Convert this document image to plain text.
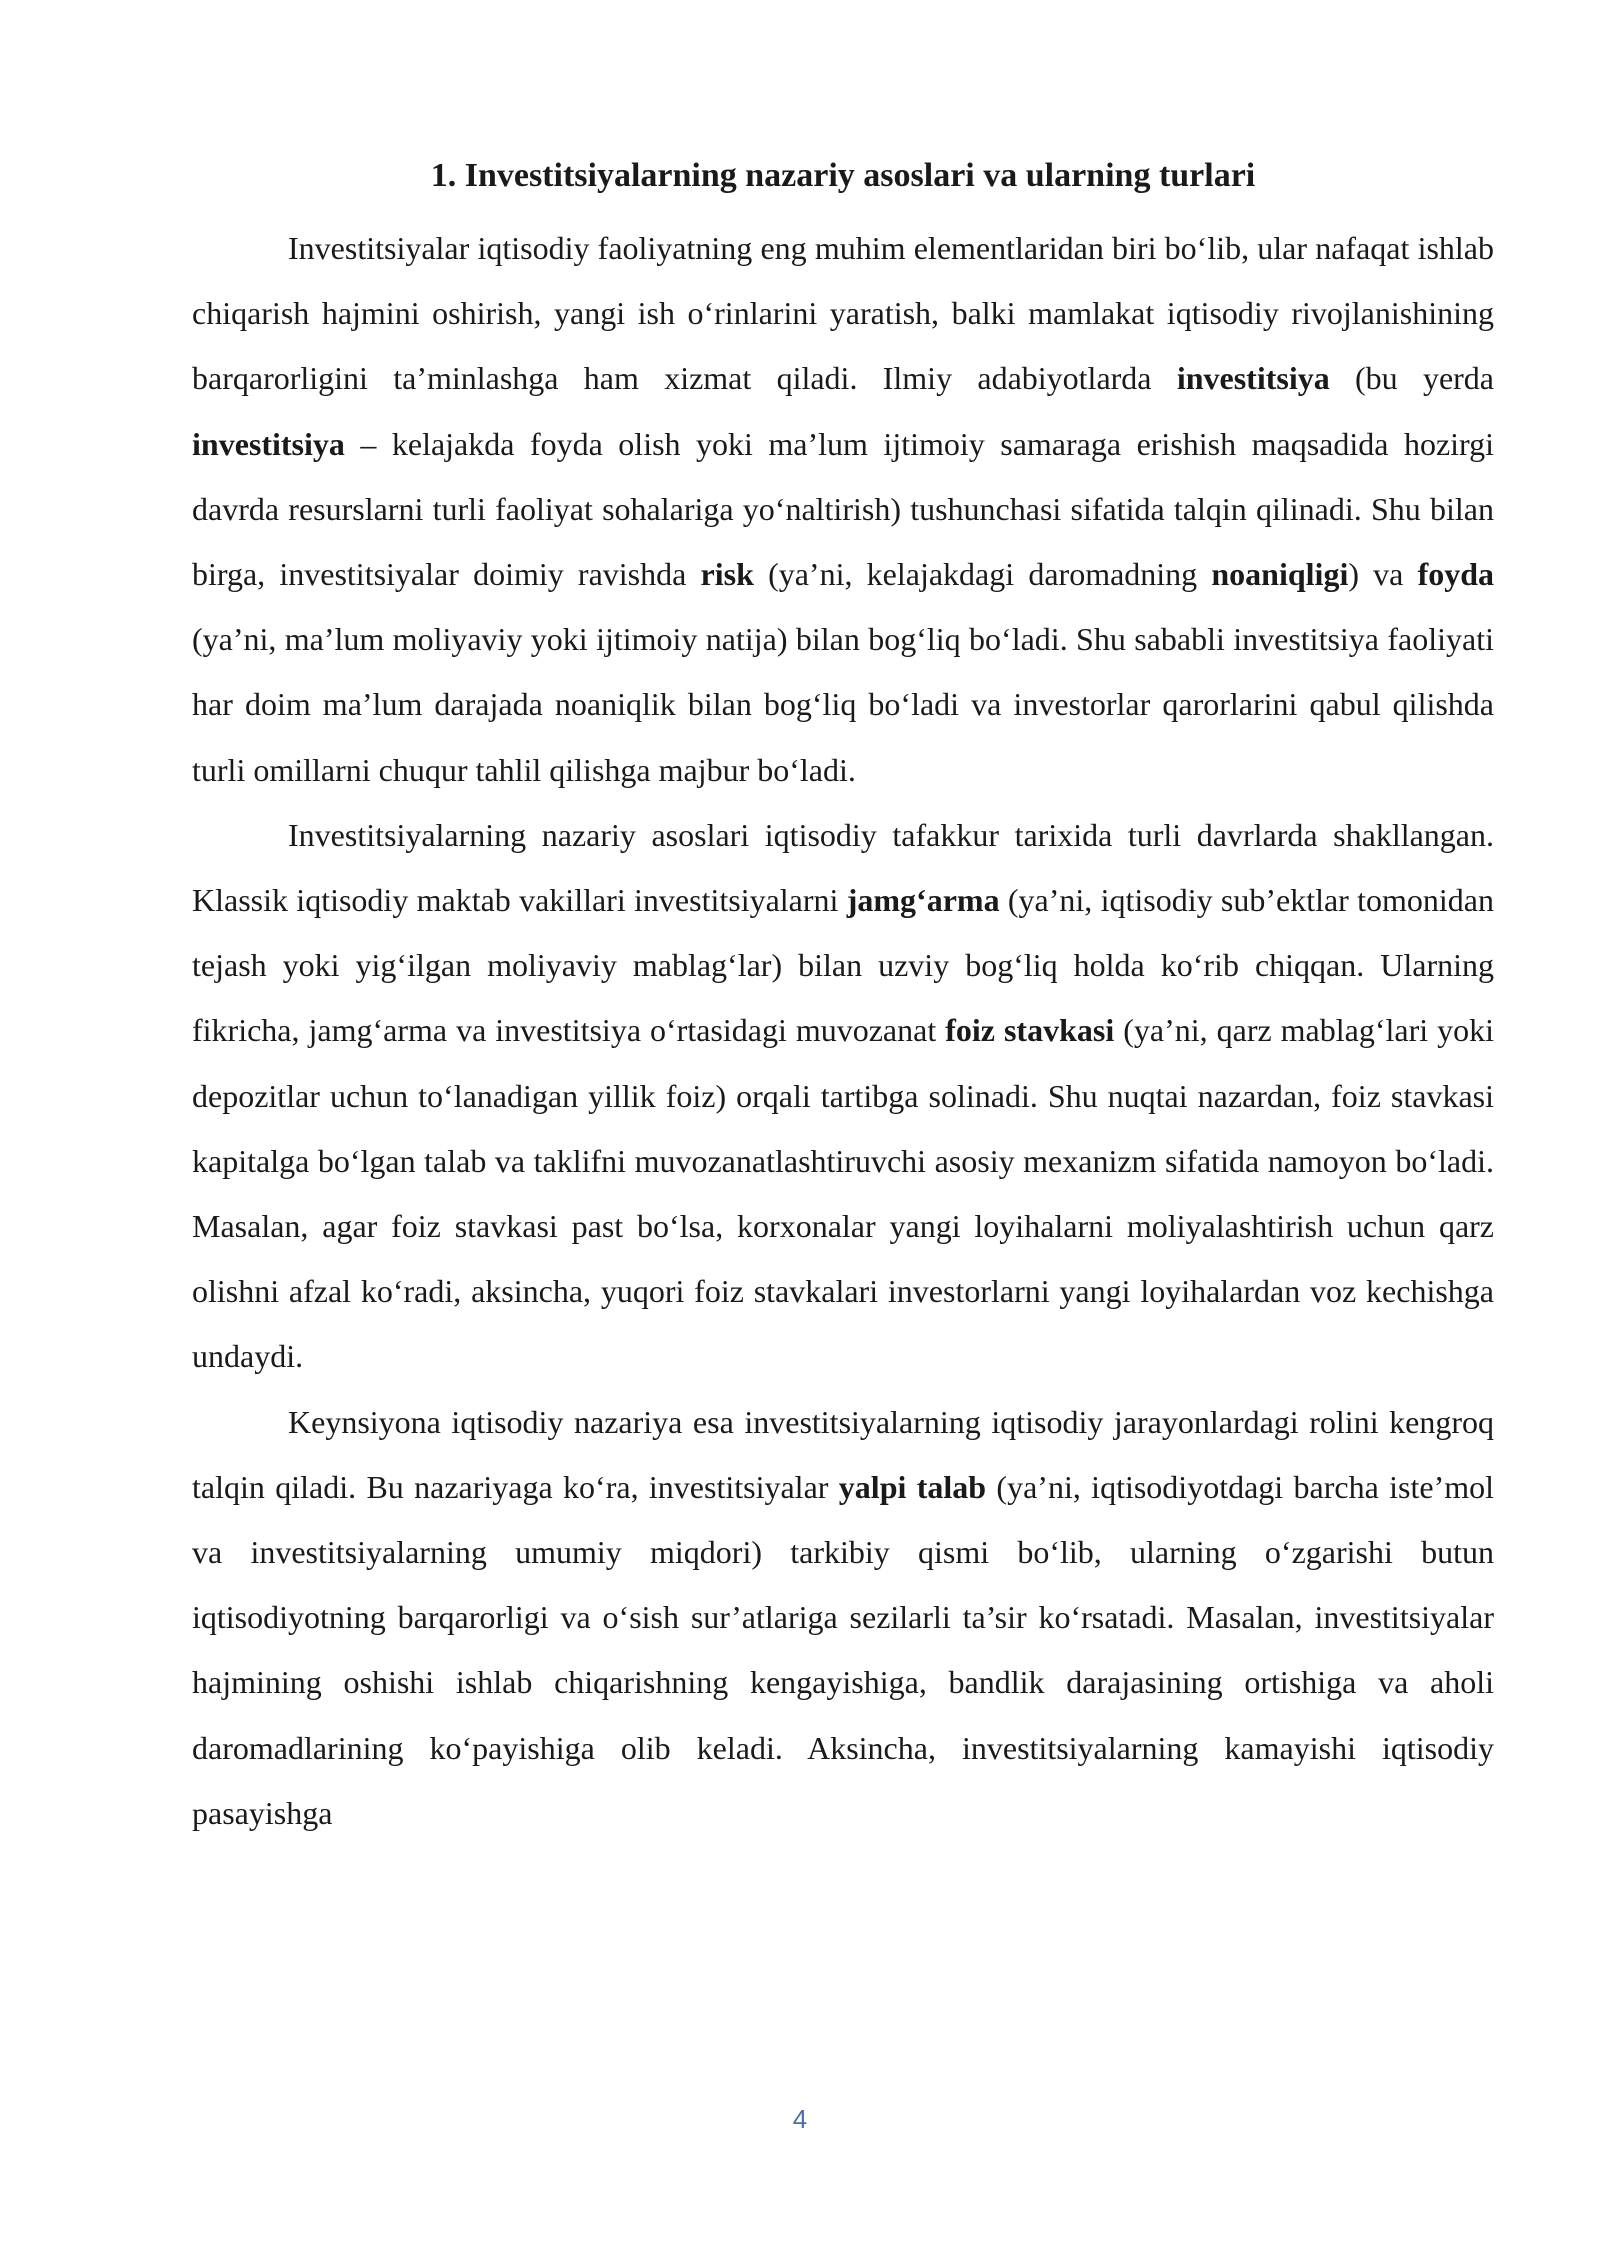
1. Investitsiyalarning nazariy asoslari va ularning turlari

Investitsiyalar iqtisodiy faoliyatning eng muhim elementlaridan biri bo‘lib, ular nafaqat ishlab chiqarish hajmini oshirish, yangi ish o‘rinlarini yaratish, balki mamlakat iqtisodiy rivojlanishining barqarorligini ta’minlashga ham xizmat qiladi. Ilmiy adabiyotlarda investitsiya (bu yerda investitsiya – kelajakda foyda olish yoki ma’lum ijtimoiy samaraga erishish maqsadida hozirgi davrda resurslarni turli faoliyat sohalariga yo‘naltirish) tushunchasi sifatida talqin qilinadi. Shu bilan birga, investitsiyalar doimiy ravishda risk (ya’ni, kelajakdagi daromadning noaniqligi) va foyda (ya’ni, ma’lum moliyaviy yoki ijtimoiy natija) bilan bog‘liq bo‘ladi. Shu sababli investitsiya faoliyati har doim ma’lum darajada noaniqlik bilan bog‘liq bo‘ladi va investorlar qarorlarini qabul qilishda turli omillarni chuqur tahlil qilishga majbur bo‘ladi.

Investitsiyalarning nazariy asoslari iqtisodiy tafakkur tarixida turli davrlarda shakllangan. Klassik iqtisodiy maktab vakillari investitsiyalarni jamg‘arma (ya’ni, iqtisodiy sub’ektlar tomonidan tejash yoki yig‘ilgan moliyaviy mablag‘lar) bilan uzviy bog‘liq holda ko‘rib chiqqan. Ularning fikricha, jamg‘arma va investitsiya o‘rtasidagi muvozanat foiz stavkasi (ya’ni, qarz mablag‘lari yoki depozitlar uchun to‘lanadigan yillik foiz) orqali tartibga solinadi. Shu nuqtai nazardan, foiz stavkasi kapitalga bo‘lgan talab va taklifni muvozanatlashtiruvchi asosiy mexanizm sifatida namoyon bo‘ladi. Masalan, agar foiz stavkasi past bo‘lsa, korxonalar yangi loyihalarni moliyalashtirish uchun qarz olishni afzal ko‘radi, aksincha, yuqori foiz stavkalari investorlarni yangi loyihalardan voz kechishga undaydi.

Keynsiyona iqtisodiy nazariya esa investitsiyalarning iqtisodiy jarayonlardagi rolini kengroq talqin qiladi. Bu nazariyaga ko‘ra, investitsiyalar yalpi talab (ya’ni, iqtisodiyotdagi barcha iste’mol va investitsiyalarning umumiy miqdori) tarkibiy qismi bo‘lib, ularning o‘zgarishi butun iqtisodiyotning barqarorligi va o‘sish sur’atlariga sezilarli ta’sir ko‘rsatadi. Masalan, investitsiyalar hajmining oshishi ishlab chiqarishning kengayishiga, bandlik darajasining ortishiga va aholi daromadlarining ko‘payishiga olib keladi. Aksincha, investitsiyalarning kamayishi iqtisodiy pasayishga

4
